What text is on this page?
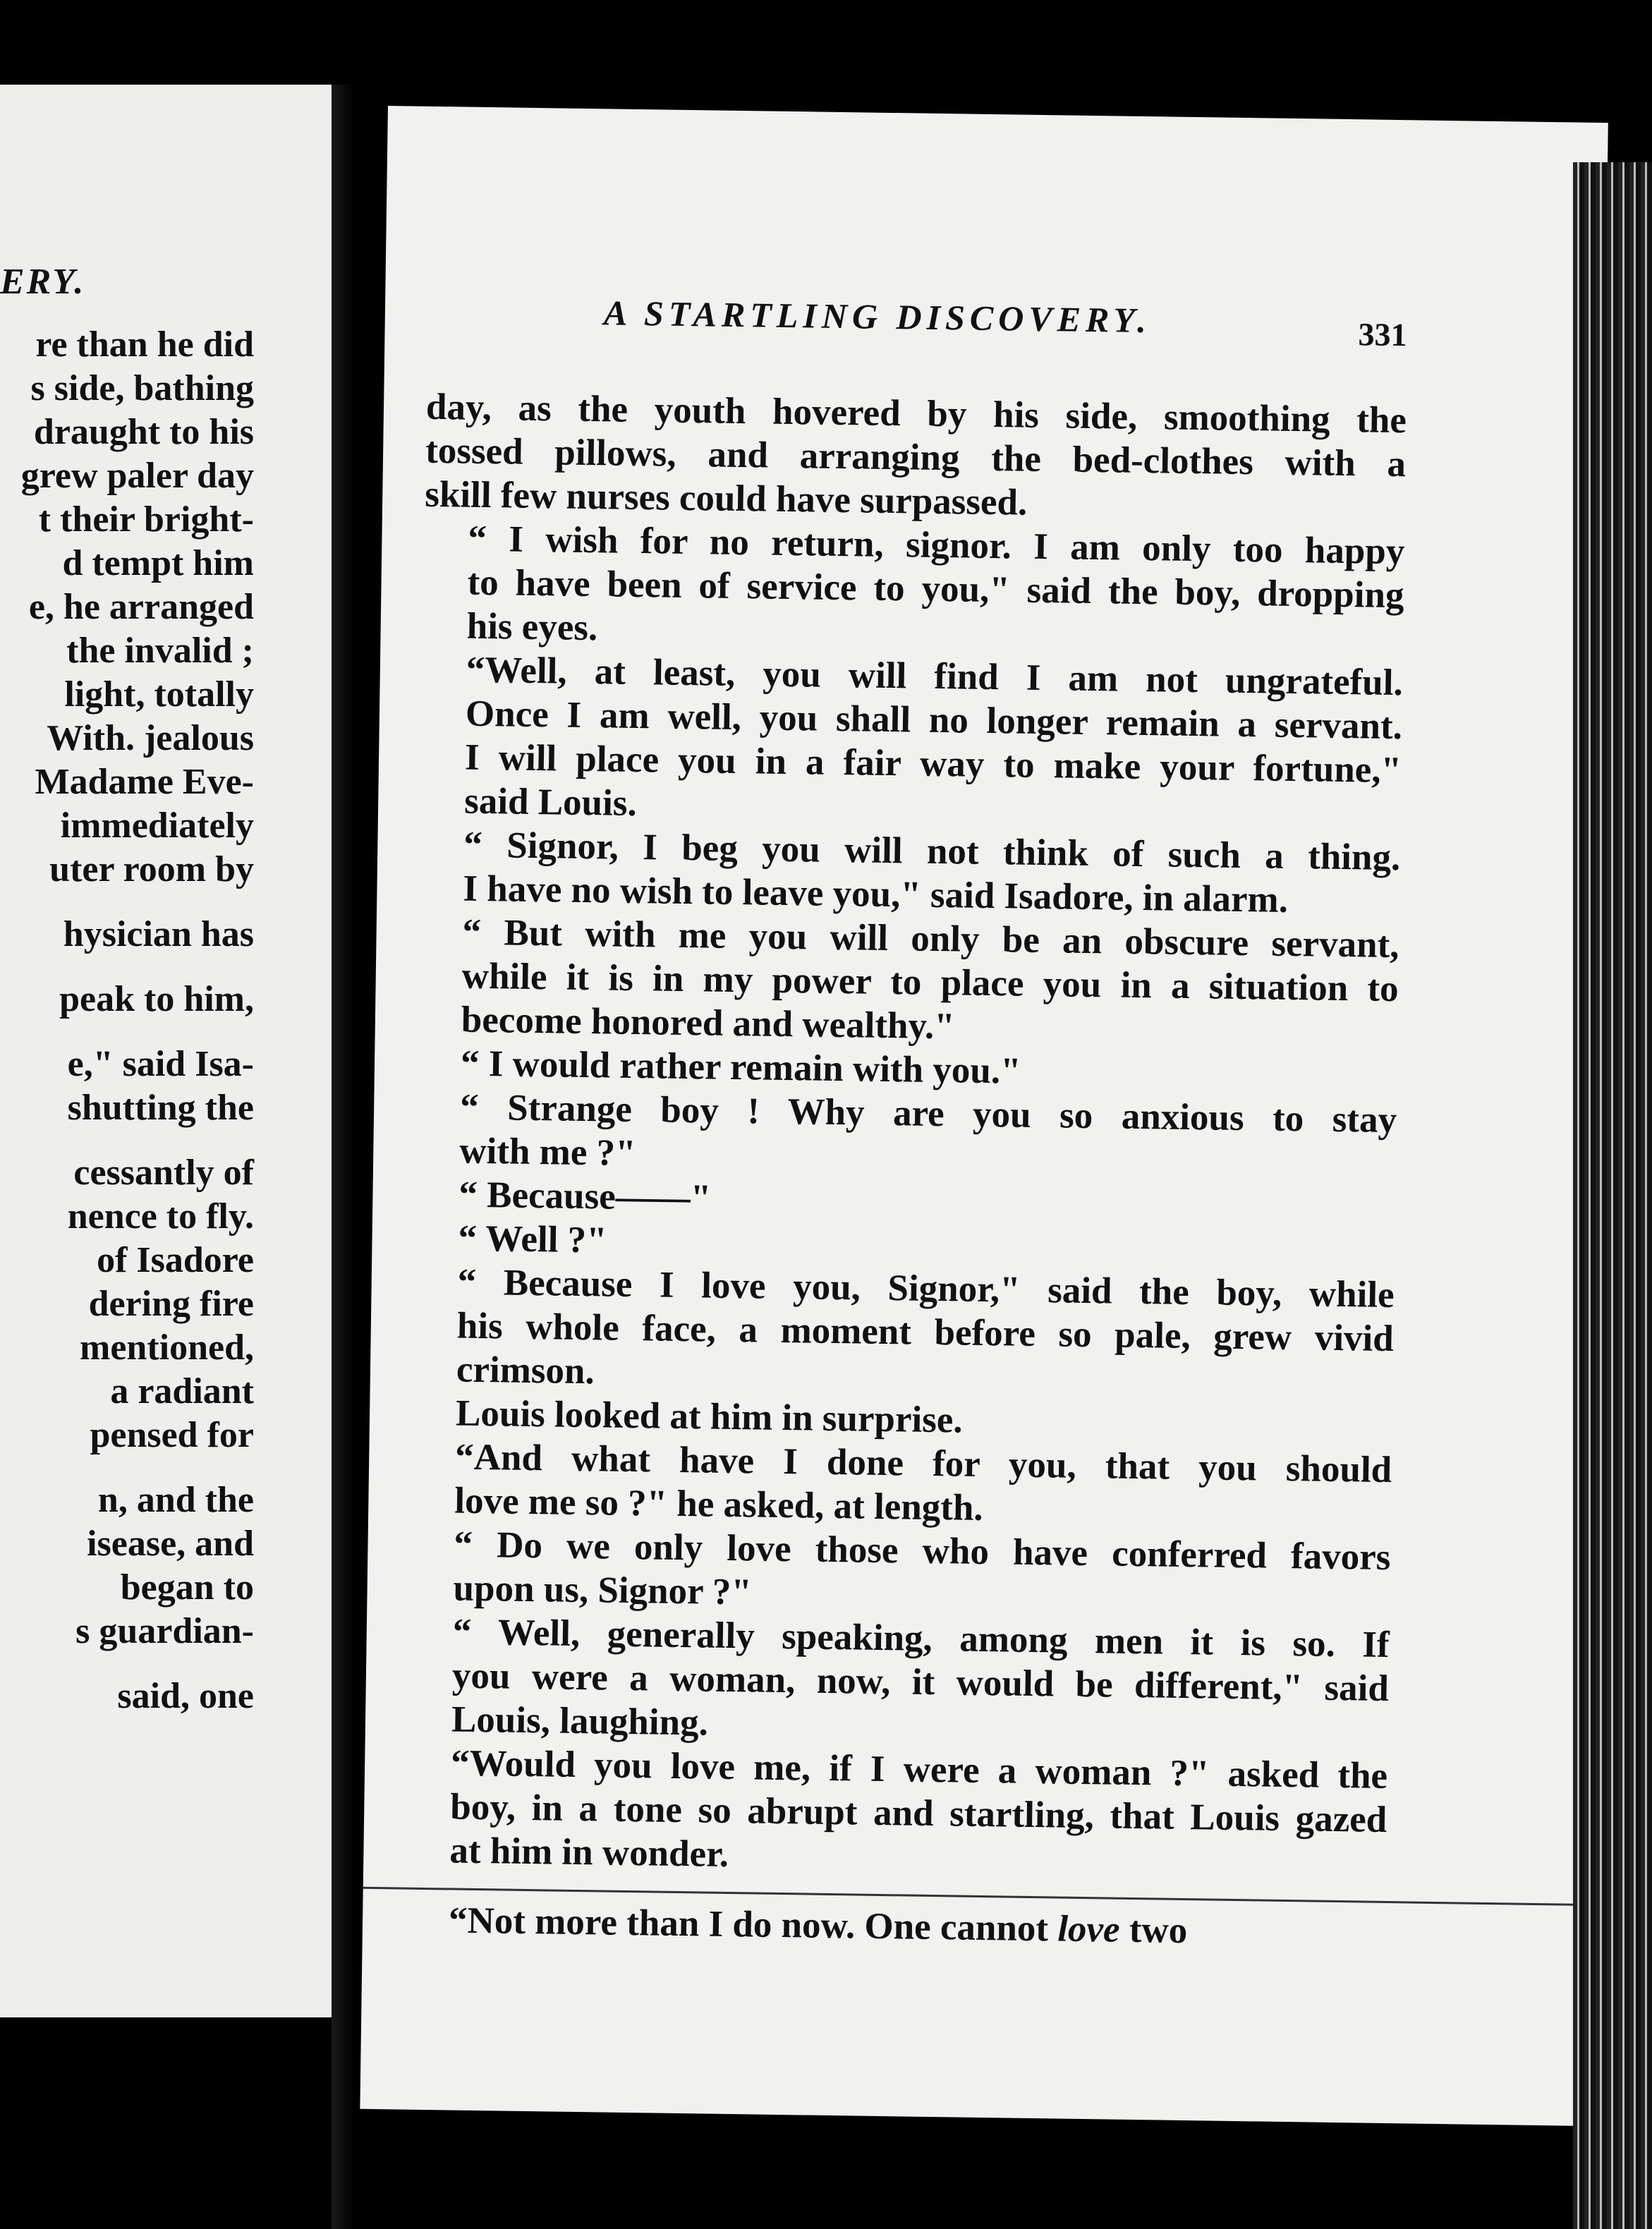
ERY.
re than he did
s side, bathing
draught to his
grew paler day
t their bright-
d tempt him
e, he arranged
the invalid ;
light, totally
With. jealous
Madame Eve-
immediately
uter room by
hysician has
peak to him,
e," said Isa-
shutting the
cessantly of
nence to fly.
of Isadore
dering fire
mentioned,
a radiant
pensed for
n, and the
isease, and
began to
s guardian-
said, one
A STARTLING DISCOVERY.	331

day, as the youth hovered by his side, smoothing the
tossed pillows, and arranging the bed-clothes with a
skill few nurses could have surpassed.

“ I wish for no return, signor. I am only too happy
to have been of service to you," said the boy, dropping
his eyes.

“Well, at least, you will find I am not ungrateful.
Once I am well, you shall no longer remain a servant.
I will place you in a fair way to make your fortune,"
said Louis.

“ Signor, I beg you will not think of such a thing.
I have no wish to leave you," said Isadore, in alarm.

“ But with me you will only be an obscure servant,
while it is in my power to place you in a situation to
become honored and wealthy."

“ I would rather remain with you."

“ Strange boy ! Why are you so anxious to stay
with me ?"

“ Because——"

“ Well ?"

“ Because I love you, Signor," said the boy, while
his whole face, a moment before so pale, grew vivid
crimson.

Louis looked at him in surprise.

“And what have I done for you, that you should
love me so ?" he asked, at length.

“ Do we only love those who have conferred favors
upon us, Signor ?"

“ Well, generally speaking, among men it is so. If
you were a woman, now, it would be different," said
Louis, laughing.

“Would you love me, if I were a woman ?" asked the
boy, in a tone so abrupt and startling, that Louis gazed
at him in wonder.

“Not more than I do now. One cannot love two
